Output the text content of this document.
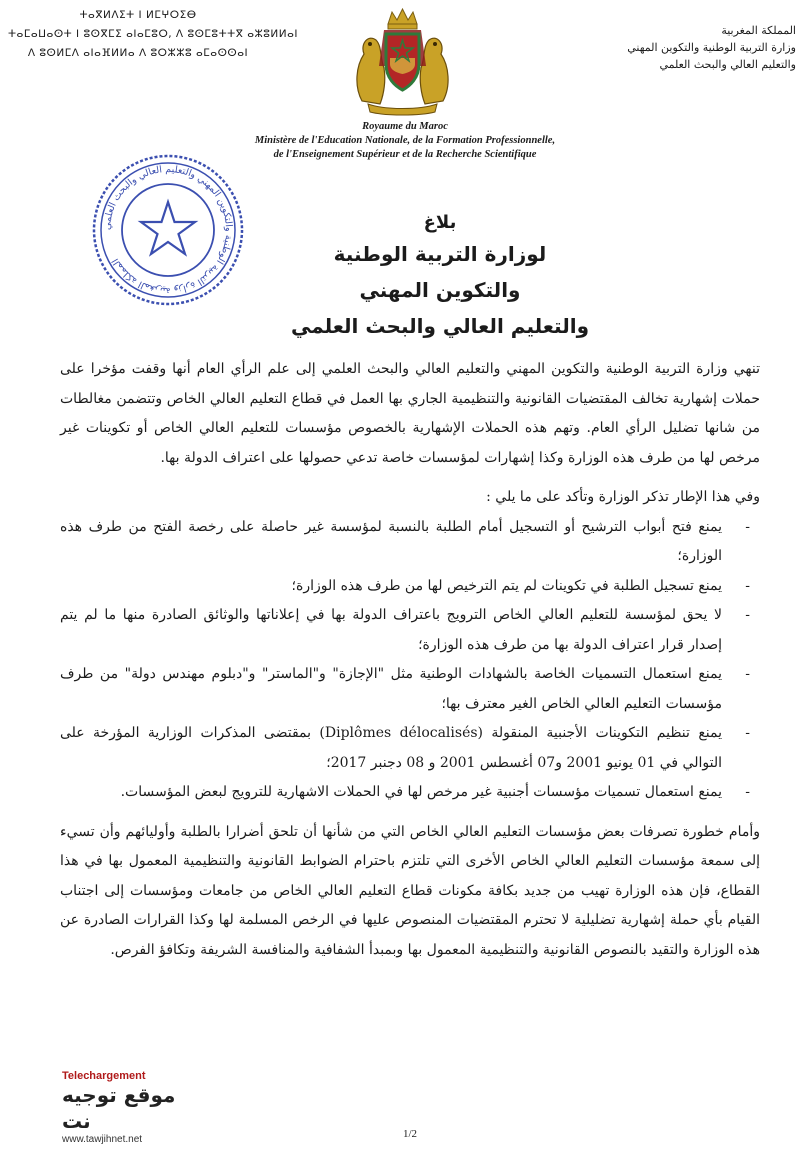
ⵜⴰⴳⵍⴷⵉⵜ ⵏ ⵍⵎⵖⵔⵉⴱ
ⵜⴰⵎⴰⵡⴰⵙⵜ ⵏ ⵓⵙⴳⵎⵉ ⴰⵏⴰⵎⵓⵔ, ⴷ ⵓⵙⵎⵓⵜⵜⴳ ⴰⵣⵓⵍⵍⴰⵏ
ⴷ ⵓⵙⵍⵎⴷ ⴰⵏⴰⴼⵍⵍⴰ ⴷ ⵓⵔⵣⵣⵓ ⴰⵎⴰⵙⵙⴰⵏ
المملكة المغربية
وزارة التربية الوطنية والتكوين المهني
والتعليم العالي والبحث العلمي
Royaume du Maroc
Ministère de l'Education Nationale, de la Formation Professionnelle,
de l'Enseignement Supérieur et de la Recherche Scientifique
المملكة المغربية وزارة التربية الوطنية والتكوين المهني والتعليم العالي والبحث العلمي
بلاغ
لوزارة التربية الوطنية والتكوين المهني
والتعليم العالي والبحث العلمي

تنهي وزارة التربية الوطنية والتكوين المهني والتعليم العالي والبحث العلمي إلى علم الرأي العام أنها وقفت مؤخرا على حملات إشهارية تخالف المقتضيات القانونية والتنظيمية الجاري بها العمل في قطاع التعليم العالي الخاص وتتضمن مغالطات من شانها تضليل الرأي العام. وتهم هذه الحملات الإشهارية بالخصوص مؤسسات للتعليم العالي الخاص أو تكوينات غير مرخص لها من طرف هذه الوزارة وكذا إشهارات لمؤسسات خاصة تدعي حصولها على اعتراف الدولة بها.

وفي هذا الإطار تذكر الوزارة وتأكد على ما يلي :

-
يمنع فتح أبواب الترشيح أو التسجيل أمام الطلبة بالنسبة لمؤسسة غير حاصلة على رخصة الفتح من طرف هذه الوزارة؛
-
يمنع تسجيل الطلبة في تكوينات لم يتم الترخيص لها من طرف هذه الوزارة؛
-
لا يحق لمؤسسة للتعليم العالي الخاص الترويج باعتراف الدولة بها في إعلاناتها والوثائق الصادرة منها ما لم يتم إصدار قرار اعتراف الدولة بها من طرف هذه الوزارة؛
-
يمنع استعمال التسميات الخاصة بالشهادات الوطنية مثل "الإجازة" و"الماستر" و"دبلوم مهندس دولة" من طرف مؤسسات التعليم العالي الخاص الغير معترف بها؛
-
يمنع تنظيم التكوينات الأجنبية المنقولة (Diplômes délocalisés) بمقتضى المذكرات الوزارية المؤرخة على التوالي في 01 يونيو 2001 و07 أغسطس 2001 و 08 دجنبر 2017؛
-
يمنع استعمال تسميات مؤسسات أجنبية غير مرخص لها في الحملات الاشهارية للترويج لبعض المؤسسات.

وأمام خطورة تصرفات بعض مؤسسات التعليم العالي الخاص التي من شأنها أن تلحق أضرارا بالطلبة وأوليائهم وأن تسيء إلى سمعة مؤسسات التعليم العالي الخاص الأخرى التي تلتزم باحترام الضوابط القانونية والتنظيمية المعمول بها في هذا القطاع، فإن هذه الوزارة تهيب من جديد بكافة مكونات قطاع التعليم العالي الخاص من جامعات ومؤسسات إلى اجتناب القيام بأي حملة إشهارية تضليلية لا تحترم المقتضيات المنصوص عليها في الرخص المسلمة لها وكذا القرارات الصادرة عن هذه الوزارة والتقيد بالنصوص القانونية والتنظيمية المعمول بها وبمبدأ الشفافية والمنافسة الشريفة وتكافؤ الفرص.

Telechargement
موقع توجيه نت
www.tawjihnet.net	1/2
